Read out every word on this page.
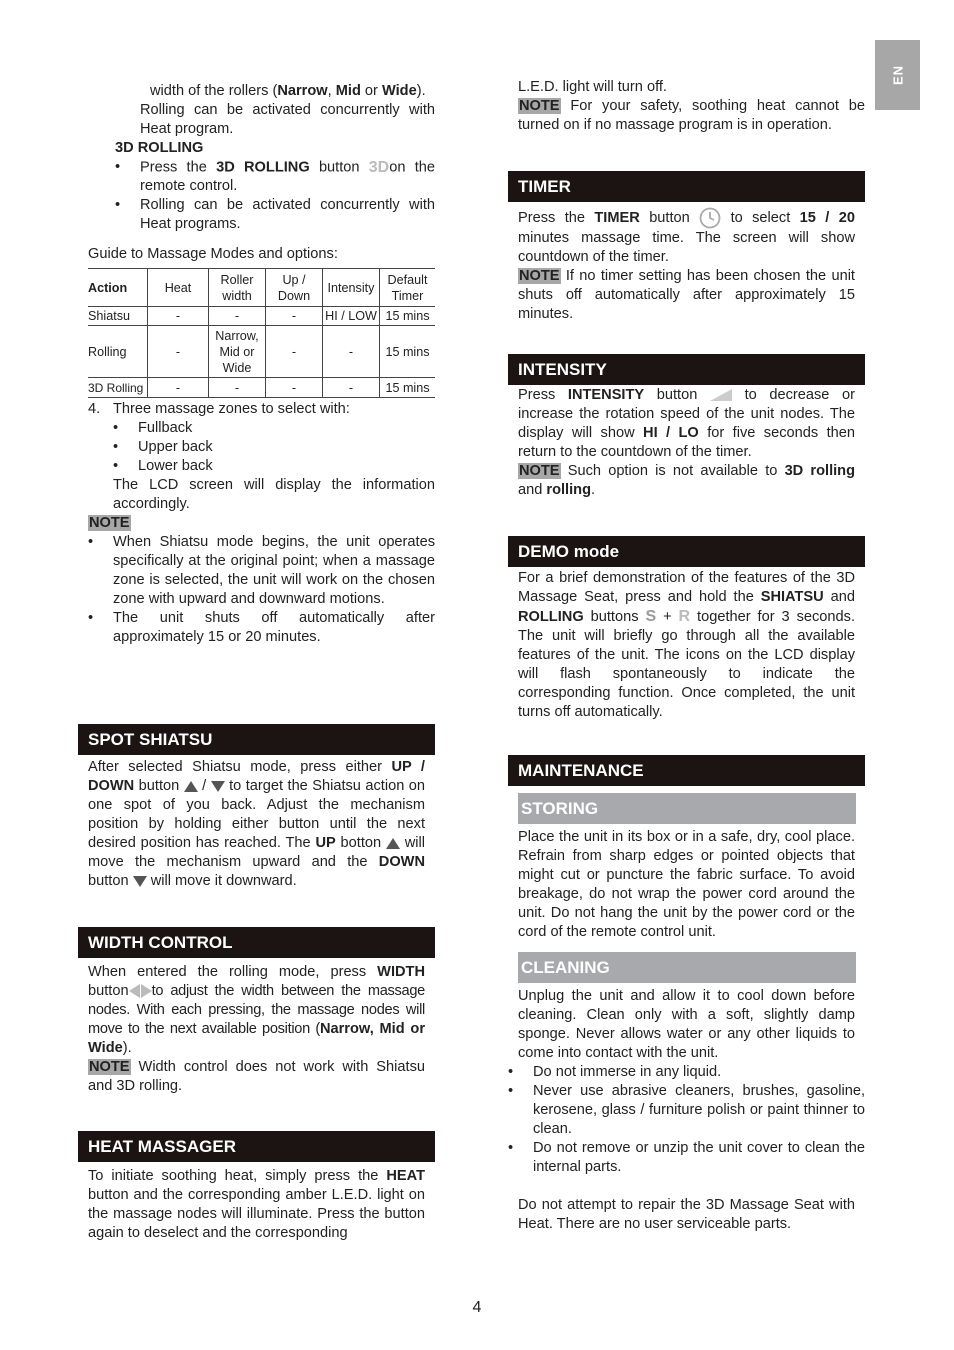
EN

width of the rollers (Narrow, Mid or Wide).

Rolling can be activated concurrently with Heat program.

3D ROLLING
• Press the 3D ROLLING button 3Don the remote control.
• Rolling can be activated concurrently with Heat programs.
Guide to Massage Modes and options:
Action	Heat	Roller width	Up / Down	Intensity	Default Timer
Shiatsu	-	-	-	HI / LOW	15 mins
Rolling	-	Narrow, Mid or Wide	-	-	15 mins
3D Rolling	-	-	-	-	15 mins
4. Three massage zones to select with:
• Fullback
• Upper back
• Lower back

The LCD screen will display the information accordingly.

NOTE
• When Shiatsu mode begins, the unit operates specifically at the original point; when a massage zone is selected, the unit will work on the chosen zone with upward and downward motions.
• The unit shuts off automatically after approximately 15 or 20 minutes.
SPOT SHIATSU

After selected Shiatsu mode, press either UP / DOWN button  /  to target the Shiatsu action on one spot of you back. Adjust the mechanism position by holding either button until the next desired position has reached. The UP botton  will move the mechanism upward and the DOWN button  will move it downward.

WIDTH CONTROL

When entered the rolling mode, press WIDTH button to adjust the width between the massage nodes. With each pressing, the massage nodes will move to the next available position (Narrow, Mid or Wide).

NOTE Width control does not work with Shiatsu and 3D rolling.

HEAT MASSAGER

To initiate soothing heat, simply press the HEAT button and the corresponding amber L.E.D. light on the massage nodes will illuminate. Press the button again to deselect and the corresponding

L.E.D. light will turn off.

NOTE For your safety, soothing heat cannot be turned on if no massage program is in operation.

TIMER

Press the TIMER button  to select 15 / 20 minutes massage time. The screen will show countdown of the timer.

NOTE If no timer setting has been chosen the unit shuts off automatically after approximately 15 minutes.

INTENSITY

Press INTENSITY button  to decrease or increase the rotation speed of the unit nodes. The display will show HI / LO for five seconds then return to the countdown of the timer.

NOTE Such option is not available to 3D rolling and rolling.

DEMO mode

For a brief demonstration of the features of the 3D Massage Seat, press and hold the SHIATSU and ROLLING buttons S + R together for 3 seconds. The unit will briefly go through all the available features of the unit. The icons on the LCD display will flash spontaneously to indicate the corresponding function. Once completed, the unit turns off automatically.

MAINTENANCE
STORING

Place the unit in its box or in a safe, dry, cool place. Refrain from sharp edges or pointed objects that might cut or puncture the fabric surface. To avoid breakage, do not wrap the power cord around the unit. Do not hang the unit by the power cord or the cord of the remote control unit.

CLEANING

Unplug the unit and allow it to cool down before cleaning. Clean only with a soft, slightly damp sponge. Never allows water or any other liquids to come into contact with the unit.

• Do not immerse in any liquid.
• Never use abrasive cleaners, brushes, gasoline, kerosene, glass / furniture polish or paint thinner to clean.
• Do not remove or unzip the unit cover to clean the internal parts.

Do not attempt to repair the 3D Massage Seat with Heat. There are no user serviceable parts.

4
